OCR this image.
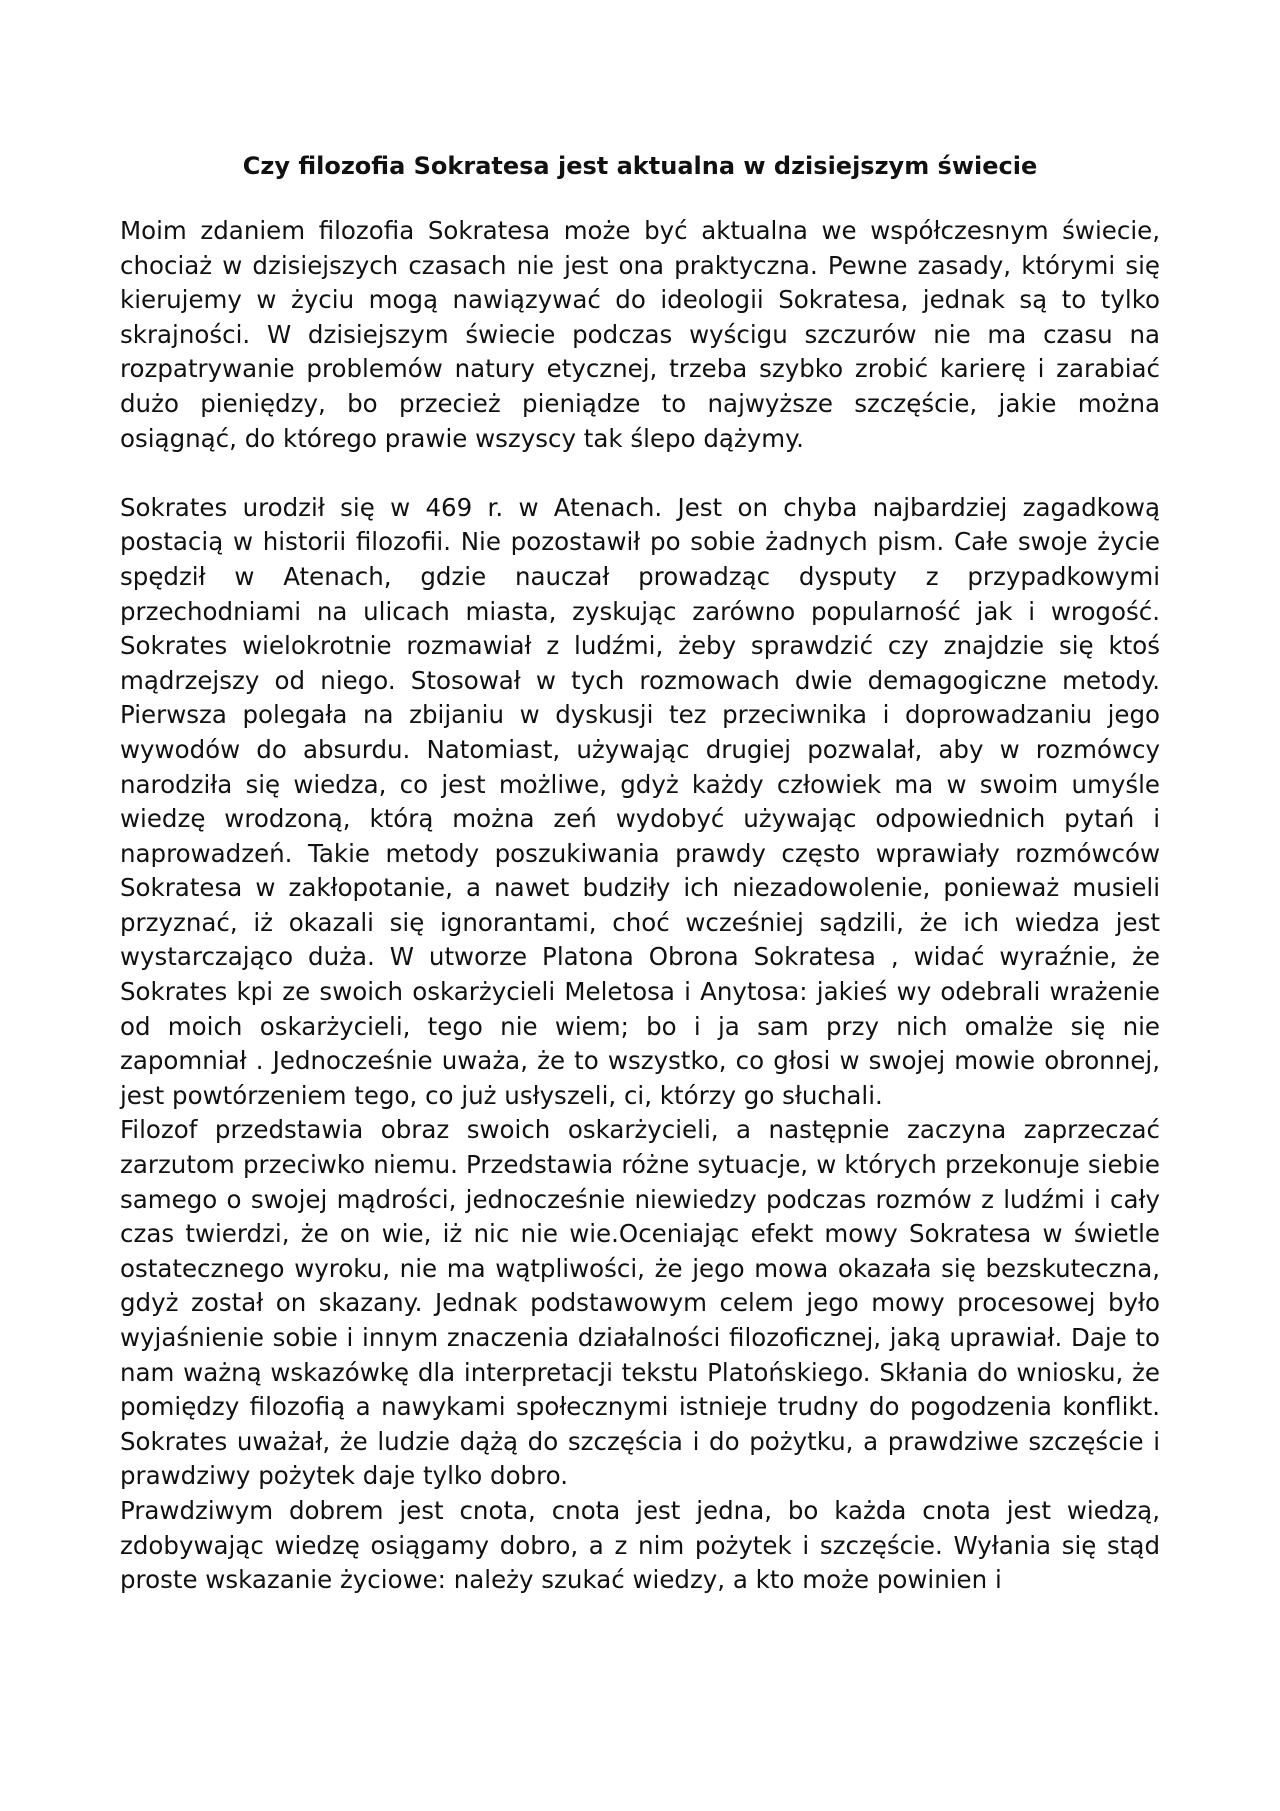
Czy filozofia Sokratesa jest aktualna w dzisiejszym świecie

Moim zdaniem filozofia Sokratesa może być aktualna we współczesnym świecie, chociaż w dzisiejszych czasach nie jest ona praktyczna. Pewne zasady, którymi się kierujemy w życiu mogą nawiązywać do ideologii Sokratesa, jednak są to tylko skrajności. W dzisiejszym świecie podczas wyścigu szczurów nie ma czasu na rozpatrywanie problemów natury etycznej, trzeba szybko zrobić karierę i zarabiać dużo pieniędzy, bo przecież pieniądze to najwyższe szczęście, jakie można osiągnąć, do którego prawie wszyscy tak ślepo dążymy.

Sokrates urodził się w 469 r. w Atenach. Jest on chyba najbardziej zagadkową postacią w historii filozofii. Nie pozostawił po sobie żadnych pism. Całe swoje życie spędził w Atenach, gdzie nauczał prowadząc dysputy z przypadkowymi przechodniami na ulicach miasta, zyskując zarówno popularność jak i wrogość. Sokrates wielokrotnie rozmawiał z ludźmi, żeby sprawdzić czy znajdzie się ktoś mądrzejszy od niego. Stosował w tych rozmowach dwie demagogiczne metody. Pierwsza polegała na zbijaniu w dyskusji tez przeciwnika i doprowadzaniu jego wywodów do absurdu. Natomiast, używając drugiej pozwalał, aby w rozmówcy narodziła się wiedza, co jest możliwe, gdyż każdy człowiek ma w swoim umyśle wiedzę wrodzoną, którą można zeń wydobyć używając odpowiednich pytań i naprowadzeń. Takie metody poszukiwania prawdy często wprawiały rozmówców Sokratesa w zakłopotanie, a nawet budziły ich niezadowolenie, ponieważ musieli przyznać, iż okazali się ignorantami, choć wcześniej sądzili, że ich wiedza jest wystarczająco duża. W utworze Platona Obrona Sokratesa , widać wyraźnie, że Sokrates kpi ze swoich oskarżycieli Meletosa i Anytosa: jakieś wy odebrali wrażenie od moich oskarżycieli, tego nie wiem; bo i ja sam przy nich omalże się nie zapomniał . Jednocześnie uważa, że to wszystko, co głosi w swojej mowie obronnej, jest powtórzeniem tego, co już usłyszeli, ci, którzy go słuchali.

Filozof przedstawia obraz swoich oskarżycieli, a następnie zaczyna zaprzeczać zarzutom przeciwko niemu. Przedstawia różne sytuacje, w których przekonuje siebie samego o swojej mądrości, jednocześnie niewiedzy podczas rozmów z ludźmi i cały czas twierdzi, że on wie, iż nic nie wie.Oceniając efekt mowy Sokratesa w świetle ostatecznego wyroku, nie ma wątpliwości, że jego mowa okazała się bezskuteczna, gdyż został on skazany. Jednak podstawowym celem jego mowy procesowej było wyjaśnienie sobie i innym znaczenia działalności filozoficznej, jaką uprawiał. Daje to nam ważną wskazówkę dla interpretacji tekstu Platońskiego. Skłania do wniosku, że pomiędzy filozofią a nawykami społecznymi istnieje trudny do pogodzenia konflikt. Sokrates uważał, że ludzie dążą do szczęścia i do pożytku, a prawdziwe szczęście i prawdziwy pożytek daje tylko dobro.

Prawdziwym dobrem jest cnota, cnota jest jedna, bo każda cnota jest wiedzą, zdobywając wiedzę osiągamy dobro, a z nim pożytek i szczęście. Wyłania się stąd proste wskazanie życiowe: należy szukać wiedzy, a kto może powinien i
